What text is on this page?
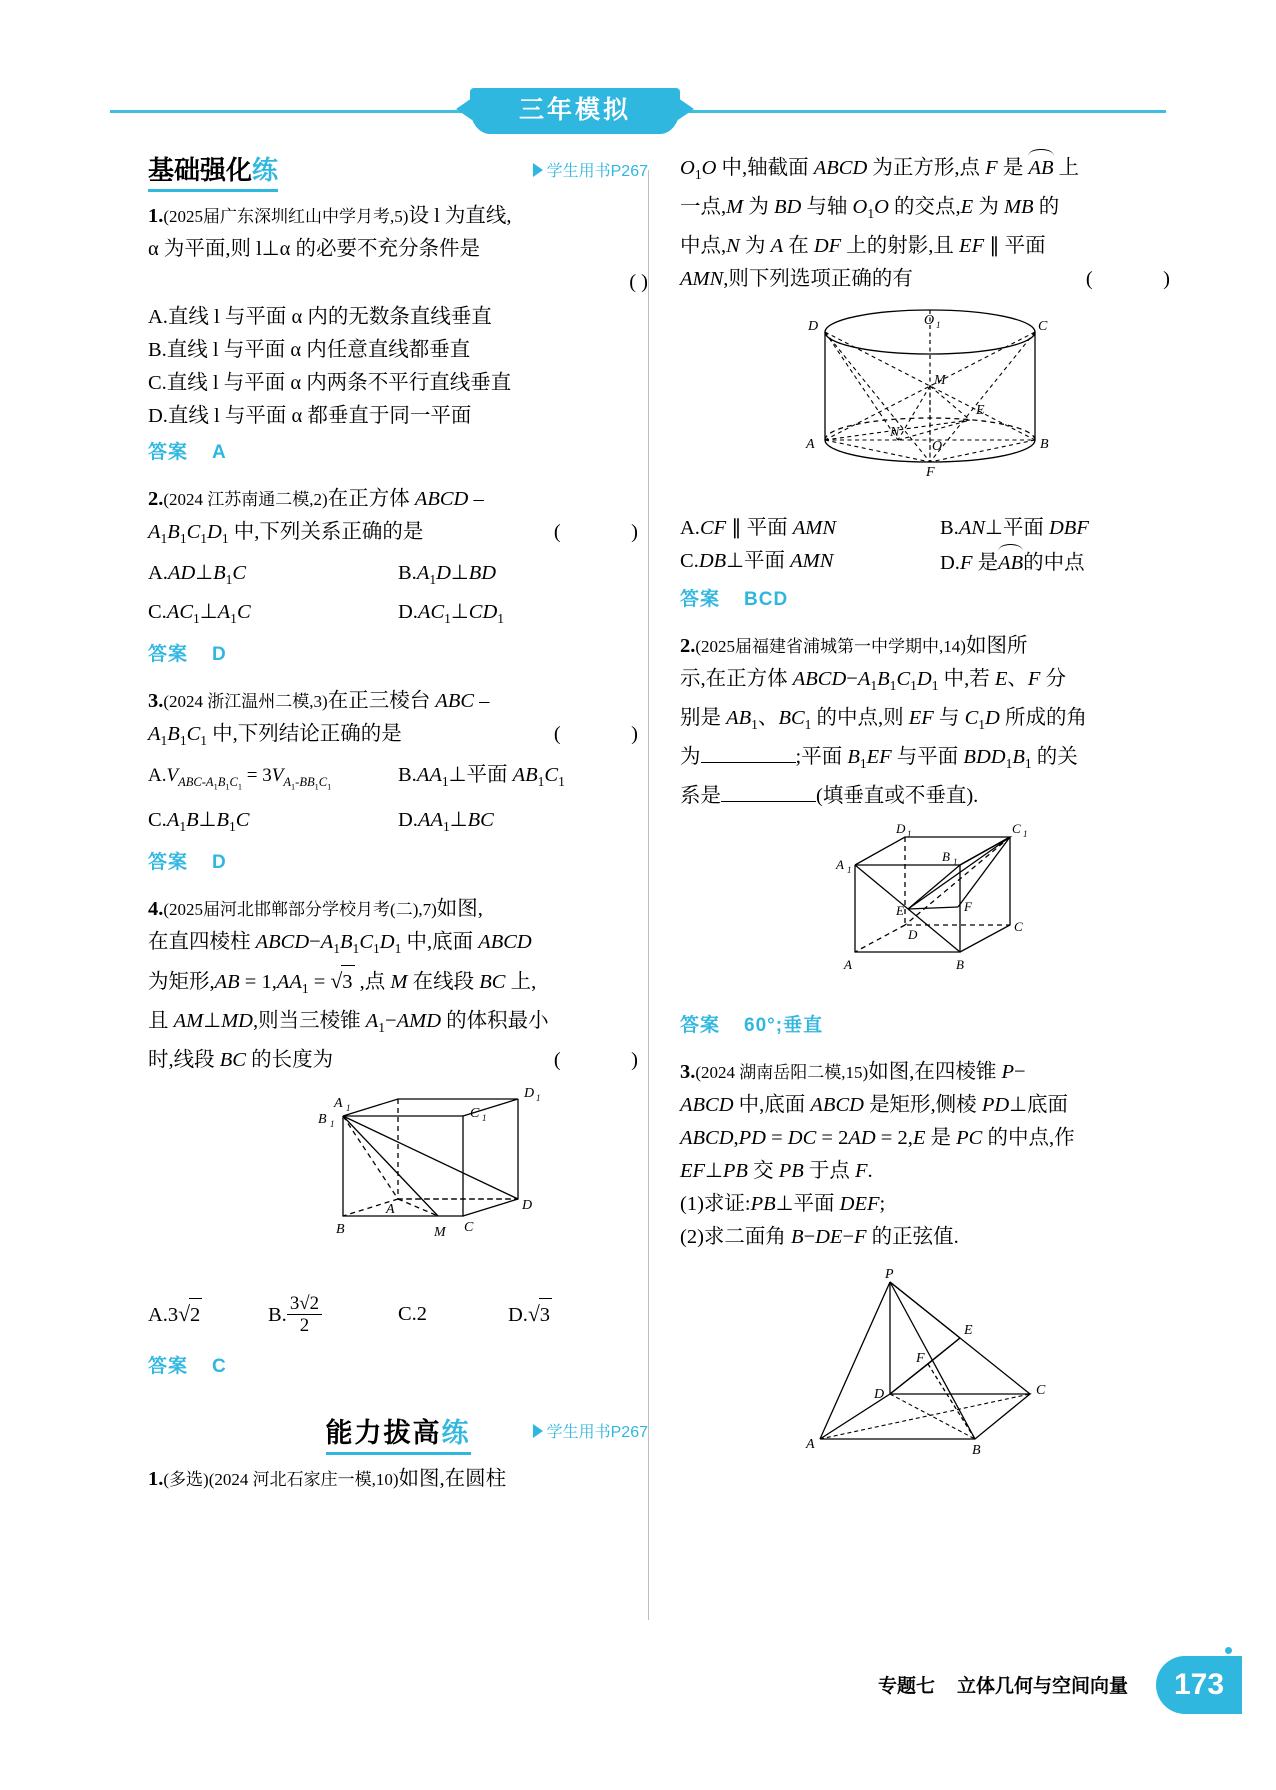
三年模拟
基础强化练	学生用书P267
1.(2025届广东深圳红山中学月考,5)设 l 为直线,
α 为平面,则 l⊥α 的必要不充分条件是
( )
A.直线 l 与平面 α 内的无数条直线垂直
B.直线 l 与平面 α 内任意直线都垂直
C.直线 l 与平面 α 内两条不平行直线垂直
D.直线 l 与平面 α 都垂直于同一平面
答案 A
2.(2024 江苏南通二模,2)在正方体 ABCD –
$A_1B_1C_1D_1$ 中,下列关系正确的是	(    )
$A.AD\perp B_1C$	$B.A_1D\perp BD$
$C.AC_1\perp A_1C$	$D.AC_1\perp CD_1$
答案 D
3.(2024 浙江温州二模,3)在正三棱台 ABC –
$A_1B_1C_1$ 中,下列结论正确的是	(    )
$A.V_{ABC-A_1B_1C_1} = 3V_{A_1-BB_1C_1}$
$B.AA_1\perp$平面 $AB_1C_1$
$C.A_1B\perp B_1C$	$D.AA_1\perp BC$
答案 D
4.(2025届河北邯郸部分学校月考(二),7)如图,
在直四棱柱 $ABCD-A_1B_1C_1D_1$ 中,底面 ABCD
为矩形$,AB = 1,AA_1 = √3$ ,点 M 在线段 BC 上,
且 AM⊥MD,则当三棱锥 $A_1-AMD$ 的体积最小
时,线段 BC 的长度为	(    )
A 1
D 1
B 1
C 1
A	D
B	C
M
A.3√2	B. $\frac{3√2}{2}$	C.2	D.√3
答案 C
能力拔高练	学生用书P267
1.(多选)(2024 河北石家庄一模,10)如图,在圆柱
$O_1O$ 中,轴截面 ABCD 为正方形,点 F 是 AB 上
一点,M 为 BD 与轴 $O_1O$ 的交点,E 为 MB 的
中点,N 为 A 在 DF 上的射影,且 EF ∥ 平面
AMN,则下列选项正确的有	(    )
D	O 1	C
M
E
N
A	O	B
F
A.CF ∥ 平面 AMN	B.AN⊥平面 DBF
C.DB⊥平面 AMN	D.F 是AB的中点
答案 BCD
2.(2025届福建省浦城第一中学期中,14)如图所
示,在正方体 $ABCD-A_1B_1C_1D_1$ 中,若 E、F 分
别是 $AB_1$、$BC_1$ 的中点,则 EF 与 $C_1D$ 所成的角
为	;平面 $B_1EF$ 与平面 $BDD_1B_1$ 的关
系是	(填垂直或不垂直).
D 1	C 1
A 1
B 1
E	F
D
C
A	B
答案 60°;垂直
3.(2024 湖南岳阳二模,15)如图,在四棱锥 P−
ABCD 中,底面 ABCD 是矩形,侧棱 PD⊥底面
ABCD,PD = DC = 2AD = 2,E 是 PC 的中点,作
EF⊥PB 交 PB 于点 F.
(1)求证:PB⊥平面 DEF;
(2)求二面角 B−DE−F 的正弦值.
P
E
F
D	C
A	B
专题七 立体几何与空间向量	173
